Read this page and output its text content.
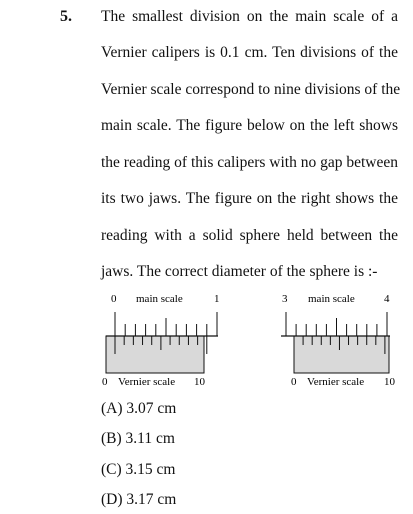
5. The smallest division on the main scale of a
Vernier calipers is 0.1 cm. Ten divisions of the
Vernier scale correspond to nine divisions of the
main scale. The figure below on the left shows
the reading of this calipers with no gap between
its two jaws. The figure on the right shows the
reading with a solid sphere held between the
jaws. The correct diameter of the sphere is :-
0 main scale	1
0 Vernier scale 10
3 main scale	4
0 Vernier scale 10
(A) 3.07 cm
(B) 3.11 cm
(C) 3.15 cm
(D) 3.17 cm
